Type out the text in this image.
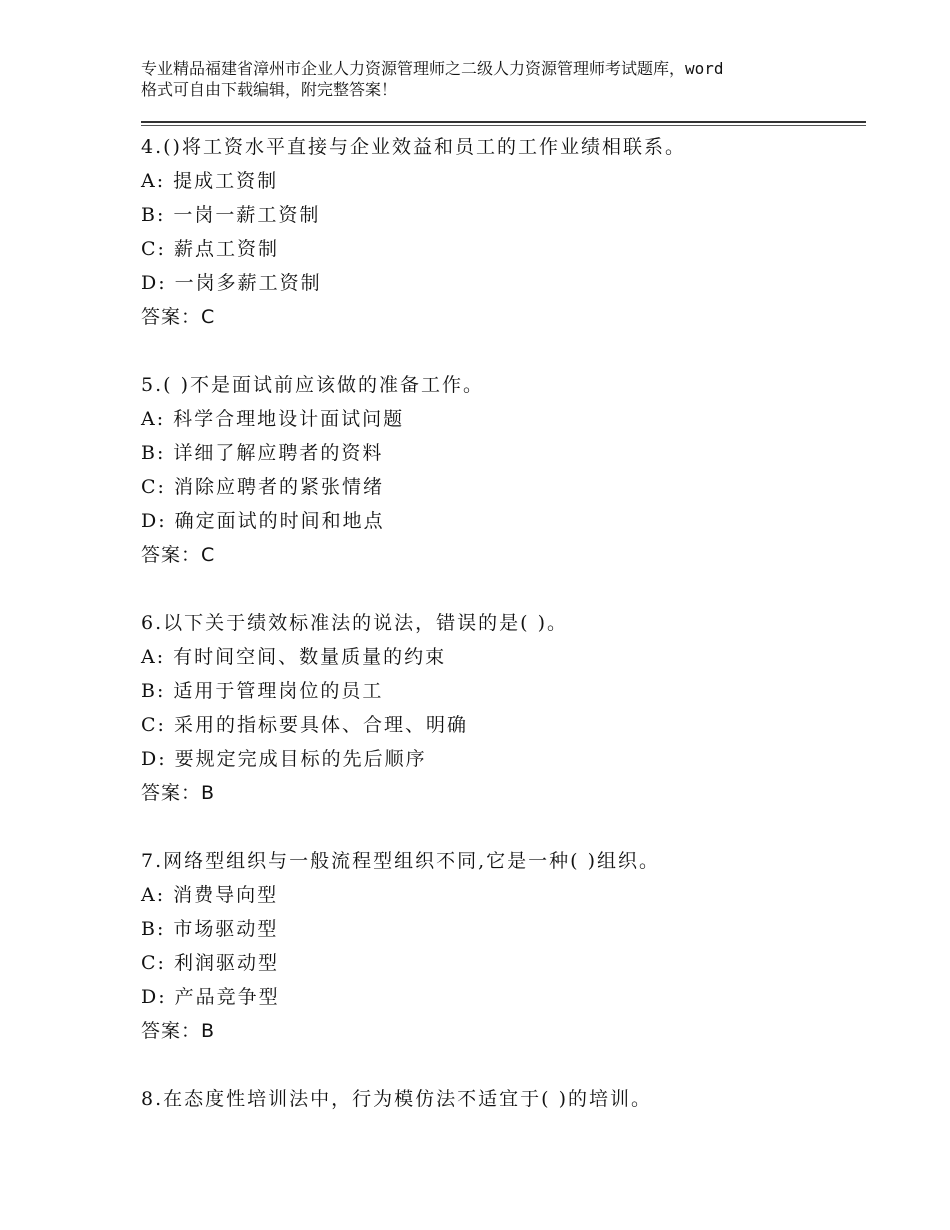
专业精品福建省漳州市企业人力资源管理师之二级人力资源管理师考试题库，word
格式可自由下载编辑，附完整答案！
4.()将工资水平直接与企业效益和员工的工作业绩相联系。
A: 提成工资制
B: 一岗一薪工资制
C: 薪点工资制
D: 一岗多薪工资制
答案：C
5.( )不是面试前应该做的准备工作。
A: 科学合理地设计面试问题
B: 详细了解应聘者的资料
C: 消除应聘者的紧张情绪
D: 确定面试的时间和地点
答案：C
6.以下关于绩效标准法的说法，错误的是( )。
A: 有时间空间、数量质量的约束
B: 适用于管理岗位的员工
C: 采用的指标要具体、合理、明确
D: 要规定完成目标的先后顺序
答案：B
7.网络型组织与一般流程型组织不同,它是一种( )组织。
A: 消费导向型
B: 市场驱动型
C: 利润驱动型
D: 产品竞争型
答案：B
8.在态度性培训法中，行为模仿法不适宜于( )的培训。
